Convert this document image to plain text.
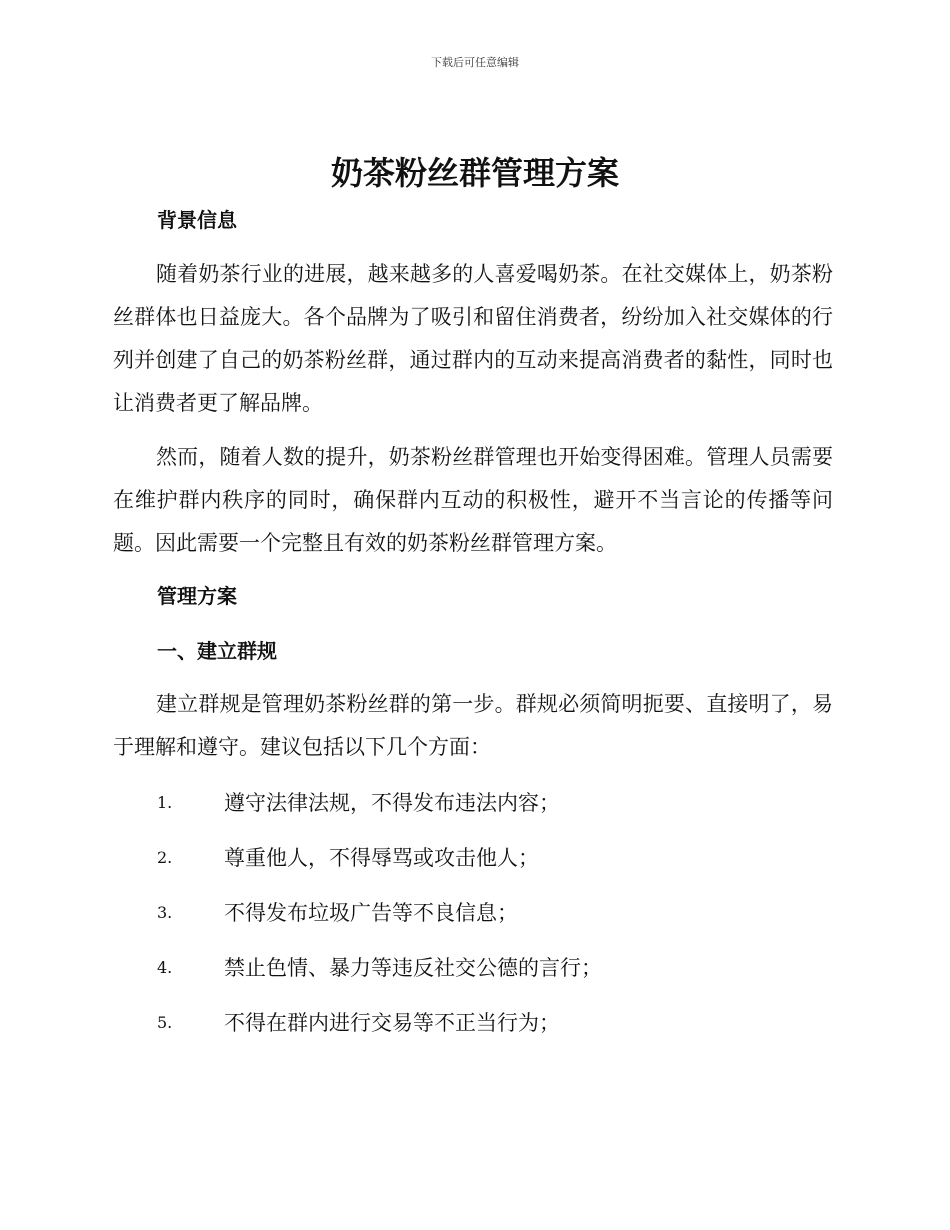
下载后可任意编辑
奶茶粉丝群管理方案
背景信息

随着奶茶行业的进展，越来越多的人喜爱喝奶茶。在社交媒体上，奶茶粉丝群体也日益庞大。各个品牌为了吸引和留住消费者，纷纷加入社交媒体的行列并创建了自己的奶茶粉丝群，通过群内的互动来提高消费者的黏性，同时也让消费者更了解品牌。

然而，随着人数的提升，奶茶粉丝群管理也开始变得困难。管理人员需要在维护群内秩序的同时，确保群内互动的积极性，避开不当言论的传播等问题。因此需要一个完整且有效的奶茶粉丝群管理方案。

管理方案
一、建立群规

建立群规是管理奶茶粉丝群的第一步。群规必须简明扼要、直接明了，易于理解和遵守。建议包括以下几个方面：

1. 遵守法律法规，不得发布违法内容；
2. 尊重他人，不得辱骂或攻击他人；
3. 不得发布垃圾广告等不良信息；
4. 禁止色情、暴力等违反社交公德的言行；
5. 不得在群内进行交易等不正当行为；
